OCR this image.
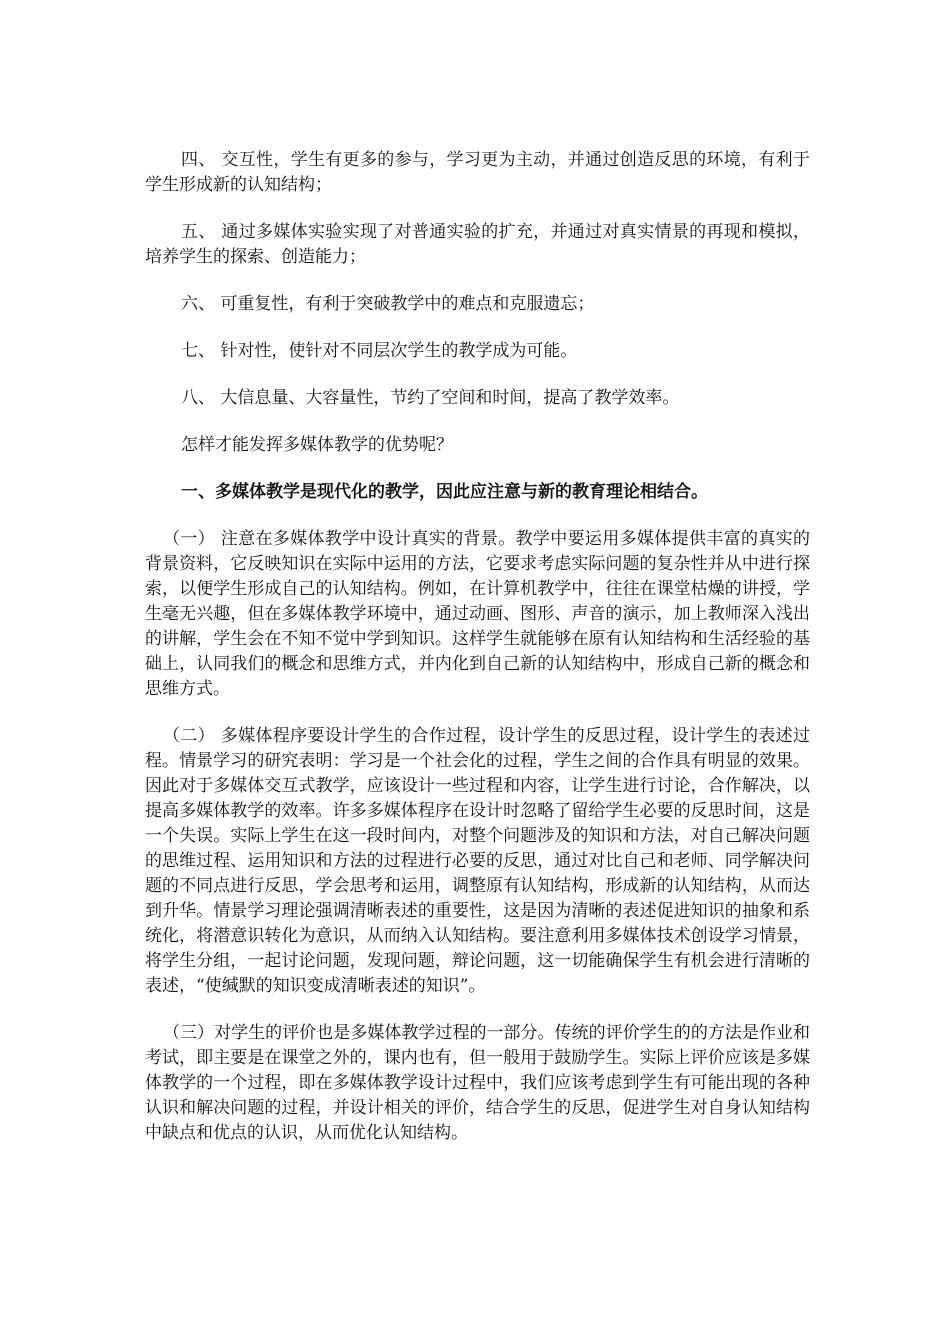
四、 交互性，学生有更多的参与，学习更为主动，并通过创造反思的环境，有利于学生形成新的认知结构；

五、 通过多媒体实验实现了对普通实验的扩充，并通过对真实情景的再现和模拟，培养学生的探索、创造能力；

六、 可重复性，有利于突破教学中的难点和克服遗忘；

七、 针对性，使针对不同层次学生的教学成为可能。

八、 大信息量、大容量性，节约了空间和时间，提高了教学效率。

怎样才能发挥多媒体教学的优势呢？

一、多媒体教学是现代化的教学，因此应注意与新的教育理论相结合。

（一） 注意在多媒体教学中设计真实的背景。教学中要运用多媒体提供丰富的真实的背景资料，它反映知识在实际中运用的方法，它要求考虑实际问题的复杂性并从中进行探索，以便学生形成自己的认知结构。例如，在计算机教学中，往往在课堂枯燥的讲授，学生毫无兴趣，但在多媒体教学环境中，通过动画、图形、声音的演示，加上教师深入浅出的讲解，学生会在不知不觉中学到知识。这样学生就能够在原有认知结构和生活经验的基础上，认同我们的概念和思维方式，并内化到自己新的认知结构中，形成自己新的概念和思维方式。

（二） 多媒体程序要设计学生的合作过程，设计学生的反思过程，设计学生的表述过程。情景学习的研究表明：学习是一个社会化的过程，学生之间的合作具有明显的效果。因此对于多媒体交互式教学，应该设计一些过程和内容，让学生进行讨论，合作解决，以提高多媒体教学的效率。许多多媒体程序在设计时忽略了留给学生必要的反思时间，这是一个失误。实际上学生在这一段时间内，对整个问题涉及的知识和方法，对自己解决问题的思维过程、运用知识和方法的过程进行必要的反思，通过对比自己和老师、同学解决问题的不同点进行反思，学会思考和运用，调整原有认知结构，形成新的认知结构，从而达到升华。情景学习理论强调清晰表述的重要性，这是因为清晰的表述促进知识的抽象和系统化，将潜意识转化为意识，从而纳入认知结构。要注意利用多媒体技术创设学习情景，将学生分组，一起讨论问题，发现问题，辩论问题，这一切能确保学生有机会进行清晰的表述，“使缄默的知识变成清晰表述的知识”。

（三）对学生的评价也是多媒体教学过程的一部分。传统的评价学生的的方法是作业和考试，即主要是在课堂之外的，课内也有，但一般用于鼓励学生。实际上评价应该是多媒体教学的一个过程，即在多媒体教学设计过程中，我们应该考虑到学生有可能出现的各种认识和解决问题的过程，并设计相关的评价，结合学生的反思，促进学生对自身认知结构中缺点和优点的认识，从而优化认知结构。
